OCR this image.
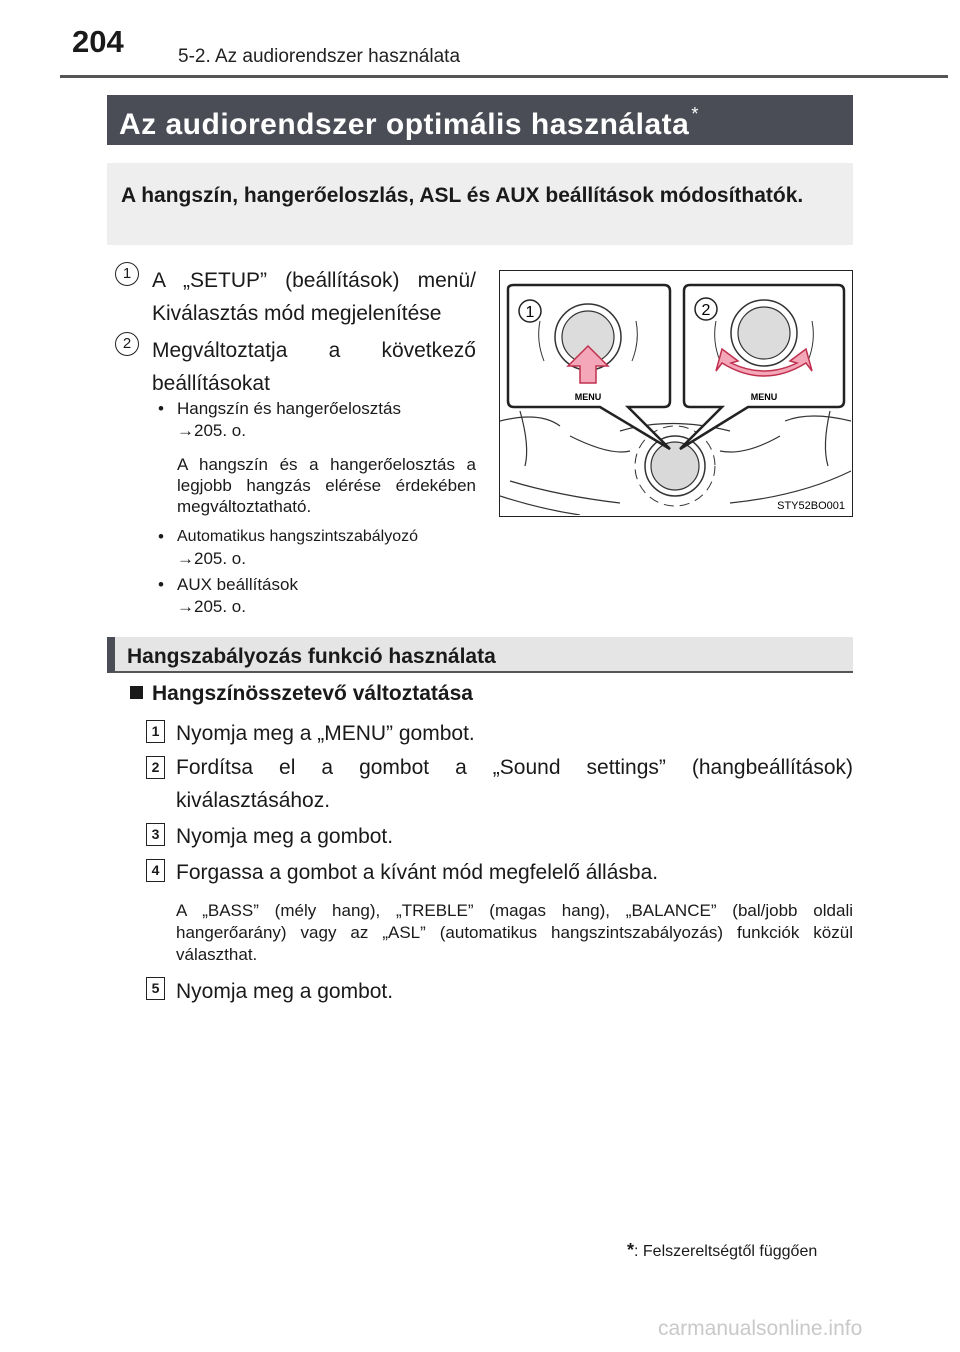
204	5-2. Az audiorendszer használata
Az audiorendszer optimális használata *
A hangszín, hangerőeloszlás, ASL és AUX beállítások módosíthatók.
1 A „SETUP” (beállítások) menü/ Kiválasztás mód megjelenítése
2 Megváltoztatja a következő beállításokat
• Hangszín és hangerőelosztás
→205. o.
A hangszín és a hangerőelosztás a legjobb hangzás elérése érdekében megváltoztatható.
• Automatikus hangszintszabályozó
→205. o.
• AUX beállítások
→205. o.
1	2
MENU	MENU
STY52BO001
Hangszabályozás funkció használata
Hangszínösszetevő változtatása
1 Nyomja meg a „MENU” gombot.
2 Fordítsa el a gombot a „Sound settings” (hangbeállítások) kiválasztásához.
3 Nyomja meg a gombot.
4 Forgassa a gombot a kívánt mód megfelelő állásba.
A „BASS” (mély hang), „TREBLE” (magas hang), „BALANCE” (bal/jobb oldali hangerőarány) vagy az „ASL” (automatikus hangszintszabályozás) funkciók közül választhat.
5 Nyomja meg a gombot.
*: Felszereltségtől függően
carmanualsonline.info
